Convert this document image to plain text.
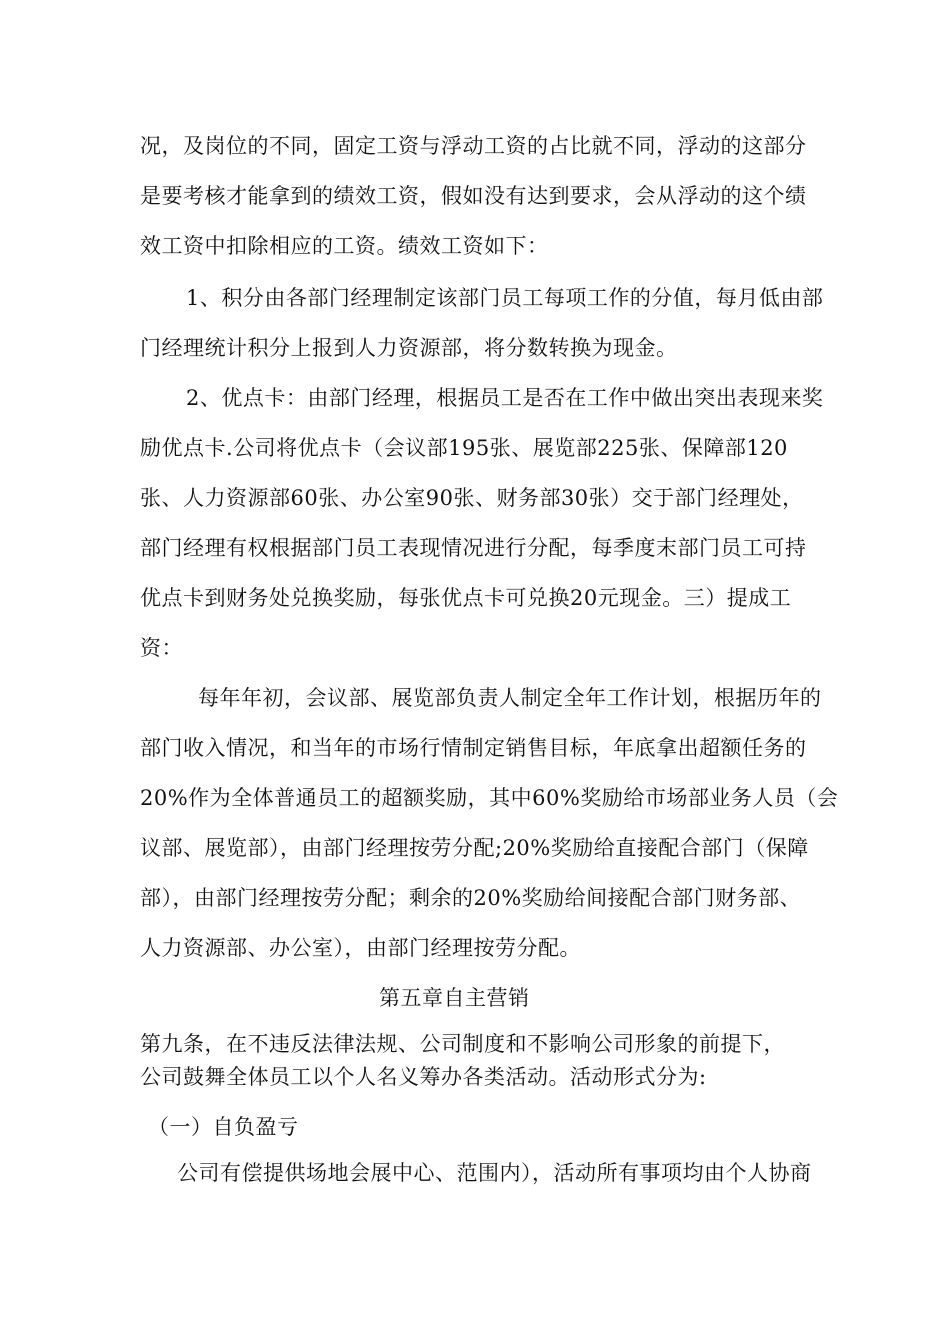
况，及岗位的不同，固定工资与浮动工资的占比就不同，浮动的这部分
是要考核才能拿到的绩效工资，假如没有达到要求，会从浮动的这个绩
效工资中扣除相应的工资。绩效工资如下：
1、积分由各部门经理制定该部门员工每项工作的分值，每月低由部
门经理统计积分上报到人力资源部，将分数转换为现金。
2、优点卡：由部门经理，根据员工是否在工作中做出突出表现来奖
励优点卡.公司将优点卡（会议部195张、展览部225张、保障部120
张、人力资源部60张、办公室90张、财务部30张）交于部门经理处，
部门经理有权根据部门员工表现情况进行分配，每季度末部门员工可持
优点卡到财务处兑换奖励，每张优点卡可兑换20元现金。三）提成工
资：
每年年初，会议部、展览部负责人制定全年工作计划，根据历年的
部门收入情况，和当年的市场行情制定销售目标，年底拿出超额任务的
20%作为全体普通员工的超额奖励，其中60%奖励给市场部业务人员（会
议部、展览部），由部门经理按劳分配;20%奖励给直接配合部门（保障
部），由部门经理按劳分配；剩余的20%奖励给间接配合部门财务部、
人力资源部、办公室），由部门经理按劳分配。
第五章自主营销
第九条，在不违反法律法规、公司制度和不影响公司形象的前提下，
公司鼓舞全体员工以个人名义筹办各类活动。活动形式分为:
（一）自负盈亏
公司有偿提供场地会展中心、范围内），活动所有事项均由个人协商
